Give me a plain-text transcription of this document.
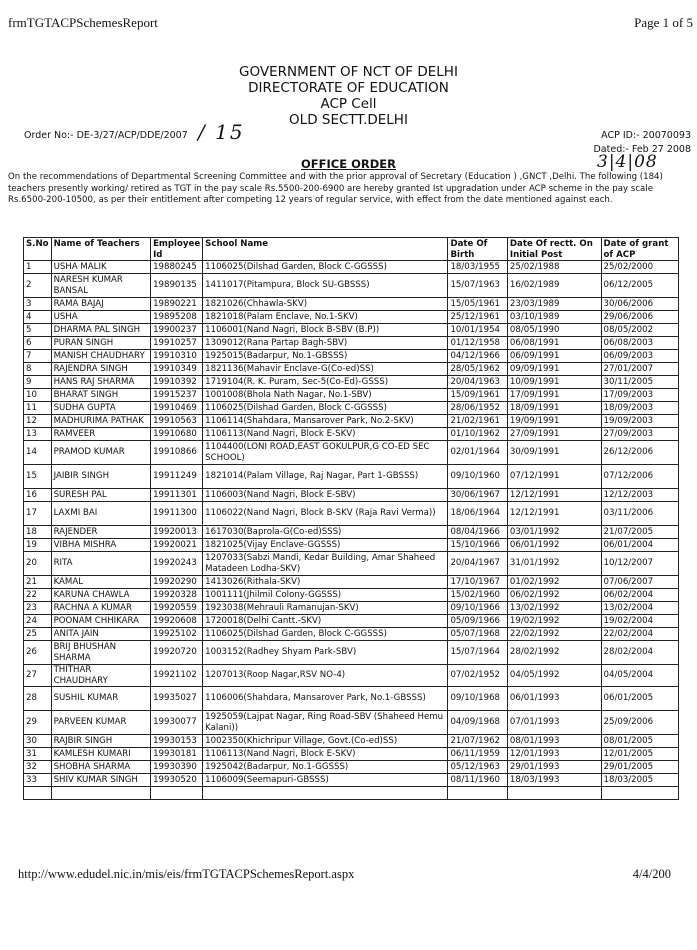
frmTGTACPSchemesReport	Page 1 of 5
GOVERNMENT OF NCT OF DELHI
DIRECTORATE OF EDUCATION
ACP Cell
OLD SECTT.DELHI
Order No:- DE-3/27/ACP/DDE/2007 / 15	ACP ID:- 20070093
Dated:- Feb 27 2008
3|4|08
OFFICE ORDER
On the recommendations of Departmental Screening Committee and with the prior approval of Secretary (Education ) ,GNCT ,Delhi. The following (184) teachers presently working/ retired as TGT in the pay scale Rs.5500-200-6900 are hereby granted Ist upgradation under ACP scheme in the pay scale Rs.6500-200-10500, as per their entitlement after competing 12 years of regular service, with effect from the date mentioned against each.
S.No	Name of Teachers	Employee Id	School Name	Date Of Birth	Date Of rectt. On Initial Post	Date of grant of ACP
1	USHA MALIK	19880245	1106025(Dilshad Garden, Block C-GGSSS)	18/03/1955	25/02/1988	25/02/2000
2	NARESH KUMAR BANSAL	19890135	1411017(Pitampura, Block SU-GBSSS)	15/07/1963	16/02/1989	06/12/2005
3	RAMA BAJAJ	19890221	1821026(Chhawla-SKV)	15/05/1961	23/03/1989	30/06/2006
4	USHA	19895208	1821018(Palam Enclave, No.1-SKV)	25/12/1961	03/10/1989	29/06/2006
5	DHARMA PAL SINGH	19900237	1106001(Nand Nagri, Block B-SBV (B.P))	10/01/1954	08/05/1990	08/05/2002
6	PURAN SINGH	19910257	1309012(Rana Partap Bagh-SBV)	01/12/1958	06/08/1991	06/08/2003
7	MANISH CHAUDHARY	19910310	1925015(Badarpur, No.1-GBSSS)	04/12/1966	06/09/1991	06/09/2003
8	RAJENDRA SINGH	19910349	1821136(Mahavir Enclave-G(Co-ed)SS)	28/05/1962	09/09/1991	27/01/2007
9	HANS RAJ SHARMA	19910392	1719104(R. K. Puram, Sec-5(Co-Ed)-GSSS)	20/04/1963	10/09/1991	30/11/2005
10	BHARAT SINGH	19915237	1001008(Bhola Nath Nagar, No.1-SBV)	15/09/1961	17/09/1991	17/09/2003
11	SUDHA GUPTA	19910469	1106025(Dilshad Garden, Block C-GGSSS)	28/06/1952	18/09/1991	18/09/2003
12	MADHURIMA PATHAK	19910563	1106114(Shahdara, Mansarover Park, No.2-SKV)	21/02/1961	19/09/1991	19/09/2003
13	RAMVEER	19910680	1106113(Nand Nagri, Block E-SKV)	01/10/1962	27/09/1991	27/09/2003
14	PRAMOD KUMAR	19910866	1104400(LONI ROAD,EAST GOKULPUR,G CO-ED SEC SCHOOL)	02/01/1964	30/09/1991	26/12/2006
15	JAIBIR SINGH	19911249	1821014(Palam Village, Raj Nagar, Part 1-GBSSS)	09/10/1960	07/12/1991	07/12/2006
16	SURESH PAL	19911301	1106003(Nand Nagri, Block E-SBV)	30/06/1967	12/12/1991	12/12/2003
17	LAXMI BAI	19911300	1106022(Nand Nagri, Block B-SKV (Raja Ravi Verma))	18/06/1964	12/12/1991	03/11/2006
18	RAJENDER	19920013	1617030(Baprola-G(Co-ed)SSS)	08/04/1966	03/01/1992	21/07/2005
19	VIBHA MISHRA	19920021	1821025(Vijay Enclave-GGSSS)	15/10/1966	06/01/1992	06/01/2004
20	RITA	19920243	1207033(Sabzi Mandi, Kedar Building, Amar Shaheed Matadeen Lodha-SKV)	20/04/1967	31/01/1992	10/12/2007
21	KAMAL	19920290	1413026(Rithala-SKV)	17/10/1967	01/02/1992	07/06/2007
22	KARUNA CHAWLA	19920328	1001111(Jhilmil Colony-GGSSS)	15/02/1960	06/02/1992	06/02/2004
23	RACHNA A KUMAR	19920559	1923038(Mehrauli Ramanujan-SKV)	09/10/1966	13/02/1992	13/02/2004
24	POONAM CHHIKARA	19920608	1720018(Delhi Cantt.-SKV)	05/09/1966	19/02/1992	19/02/2004
25	ANITA JAIN	19925102	1106025(Dilshad Garden, Block C-GGSSS)	05/07/1968	22/02/1992	22/02/2004
26	BRIJ BHUSHAN SHARMA	19920720	1003152(Radhey Shyam Park-SBV)	15/07/1964	28/02/1992	28/02/2004
27	THITHAR CHAUDHARY	19921102	1207013(Roop Nagar,RSV NO-4)	07/02/1952	04/05/1992	04/05/2004
28	SUSHIL KUMAR	19935027	1106006(Shahdara, Mansarover Park, No.1-GBSSS)	09/10/1968	06/01/1993	06/01/2005
29	PARVEEN KUMAR	19930077	1925059(Lajpat Nagar, Ring Road-SBV (Shaheed Hemu Kalani))	04/09/1968	07/01/1993	25/09/2006
30	RAJBIR SINGH	19930153	1002350(Khichripur Village, Govt.(Co-ed)SS)	21/07/1962	08/01/1993	08/01/2005
31	KAMLESH KUMARI	19930181	1106113(Nand Nagri, Block E-SKV)	06/11/1959	12/01/1993	12/01/2005
32	SHOBHA SHARMA	19930390	1925042(Badarpur, No.1-GGSSS)	05/12/1963	29/01/1993	29/01/2005
33	SHIV KUMAR SINGH	19930520	1106009(Seemapuri-GBSSS)	08/11/1960	18/03/1993	18/03/2005

http://www.edudel.nic.in/mis/eis/frmTGTACPSchemesReport.aspx	4/4/200
